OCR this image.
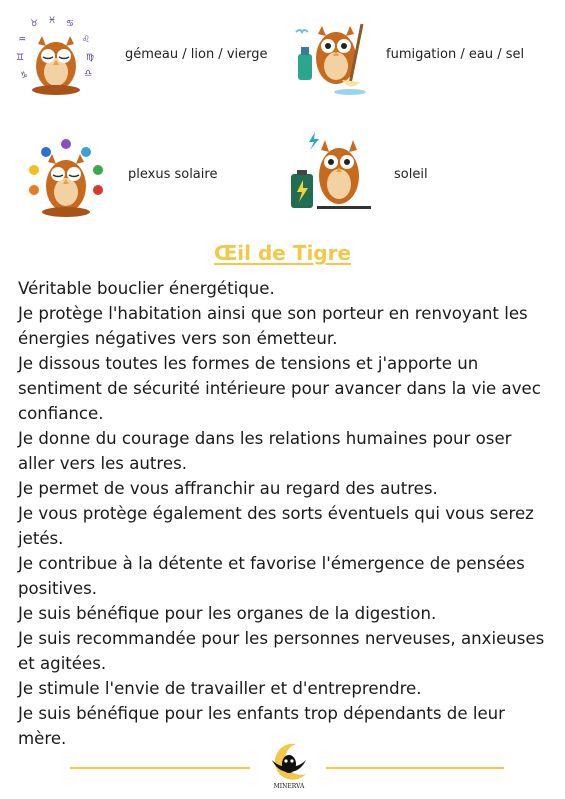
♉ ♓ ♋
♒	♌
♊	♍
♑	♎
gémeau / lion / vierge	fumigation / eau / sel
plexus solaire	soleil
Œil de Tigre

Véritable bouclier énergétique.

Je protège l'habitation ainsi que son porteur en renvoyant les énergies négatives vers son émetteur.

Je dissous toutes les formes de tensions et j'apporte un sentiment de sécurité intérieure pour avancer dans la vie avec confiance.

Je donne du courage dans les relations humaines pour oser aller vers les autres.

Je permet de vous affranchir au regard des autres.

Je vous protège également des sorts éventuels qui vous serez jetés.

Je contribue à la détente et favorise l'émergence de pensées positives.

Je suis bénéfique pour les organes de la digestion.

Je suis recommandée pour les personnes nerveuses, anxieuses et agitées.

Je stimule l'envie de travailler et d'entreprendre.

Je suis bénéfique pour les enfants trop dépendants de leur mère.

MINERVA
